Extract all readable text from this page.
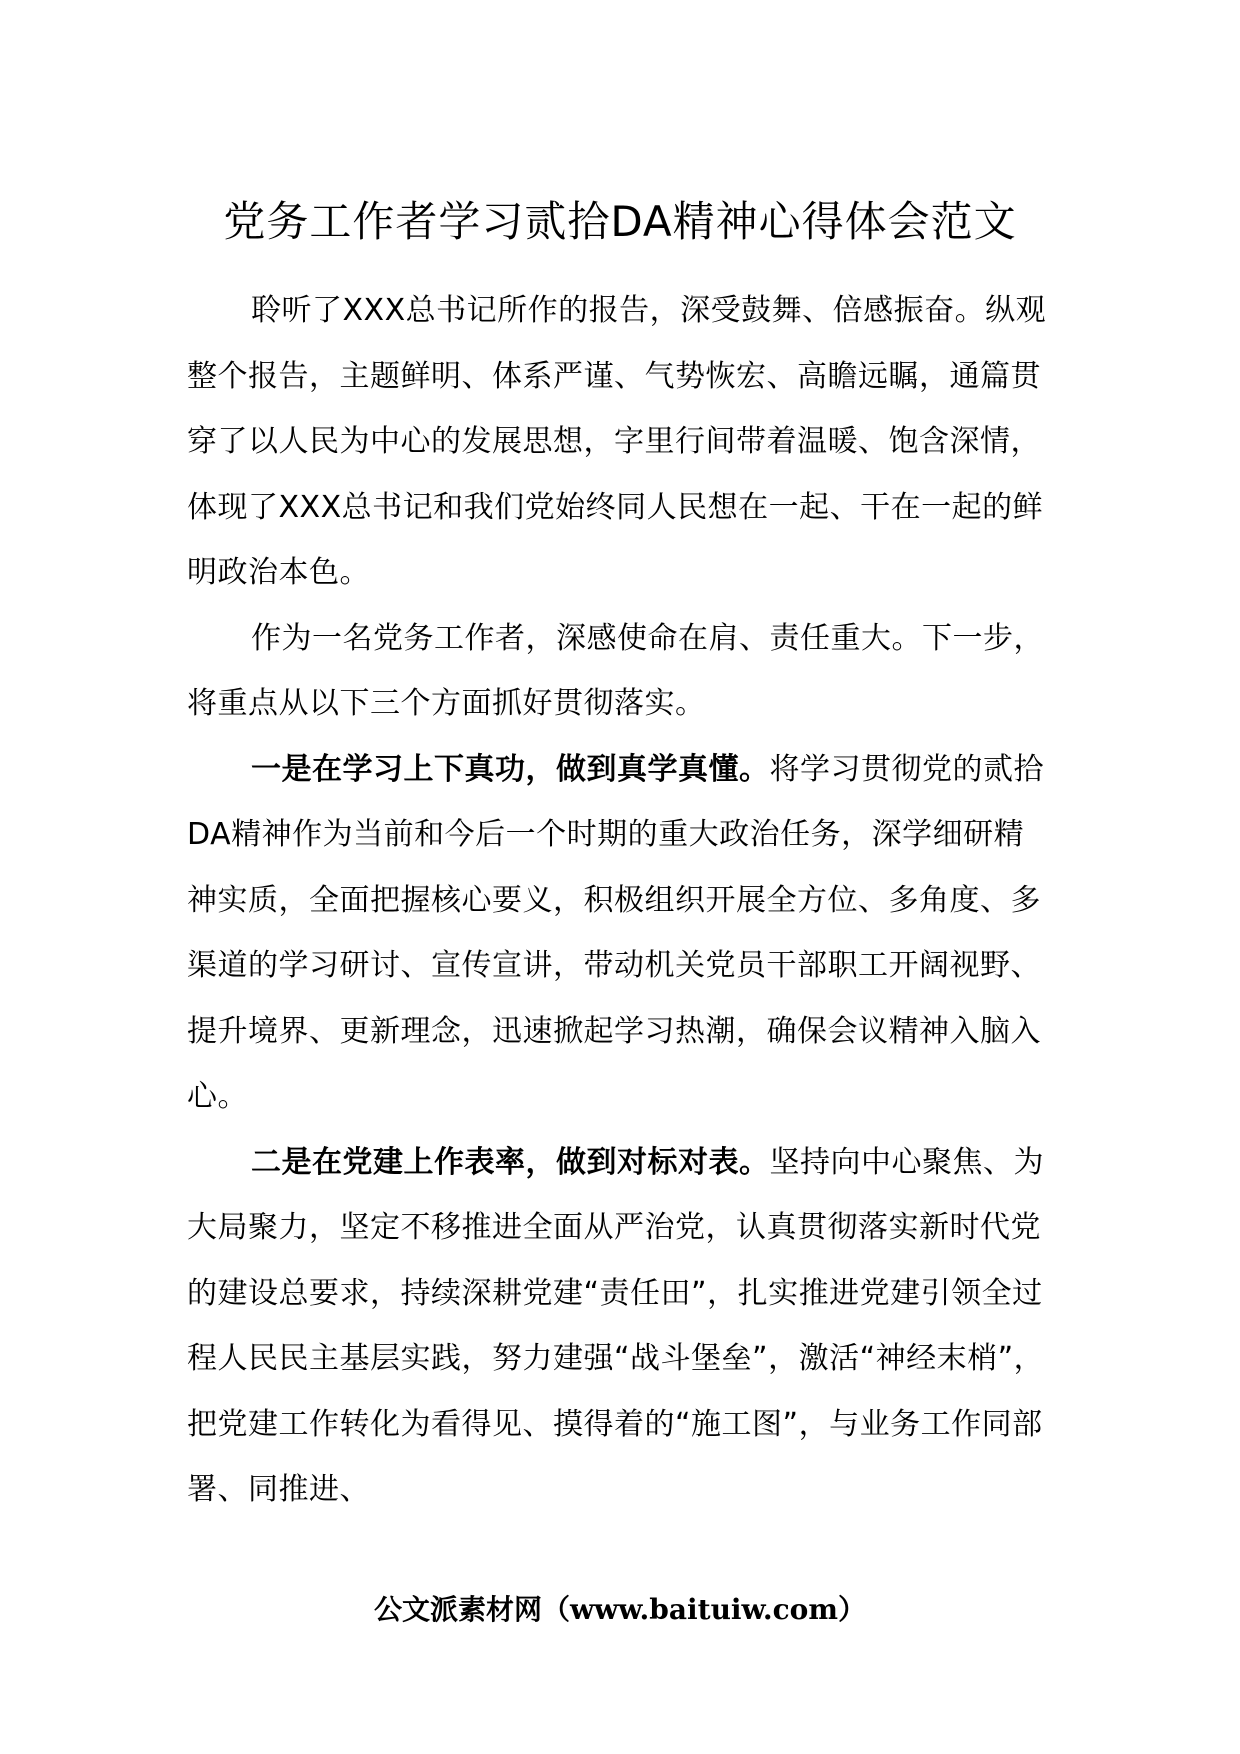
党务工作者学习贰拾DA精神心得体会范文

聆听了XXX总书记所作的报告，深受鼓舞、倍感振奋。纵观整个报告，主题鲜明、体系严谨、气势恢宏、高瞻远瞩，通篇贯穿了以人民为中心的发展思想，字里行间带着温暖、饱含深情，体现了XXX总书记和我们党始终同人民想在一起、干在一起的鲜明政治本色。

作为一名党务工作者，深感使命在肩、责任重大。下一步，将重点从以下三个方面抓好贯彻落实。

一是在学习上下真功，做到真学真懂。将学习贯彻党的贰拾DA精神作为当前和今后一个时期的重大政治任务，深学细研精神实质，全面把握核心要义，积极组织开展全方位、多角度、多渠道的学习研讨、宣传宣讲，带动机关党员干部职工开阔视野、提升境界、更新理念，迅速掀起学习热潮，确保会议精神入脑入心。

二是在党建上作表率，做到对标对表。坚持向中心聚焦、为大局聚力，坚定不移推进全面从严治党，认真贯彻落实新时代党的建设总要求，持续深耕党建“责任田”，扎实推进党建引领全过程人民民主基层实践，努力建强“战斗堡垒”，激活“神经末梢”，把党建工作转化为看得见、摸得着的“施工图”，与业务工作同部署、同推进、

公文派素材网（www.baituiw.com）
